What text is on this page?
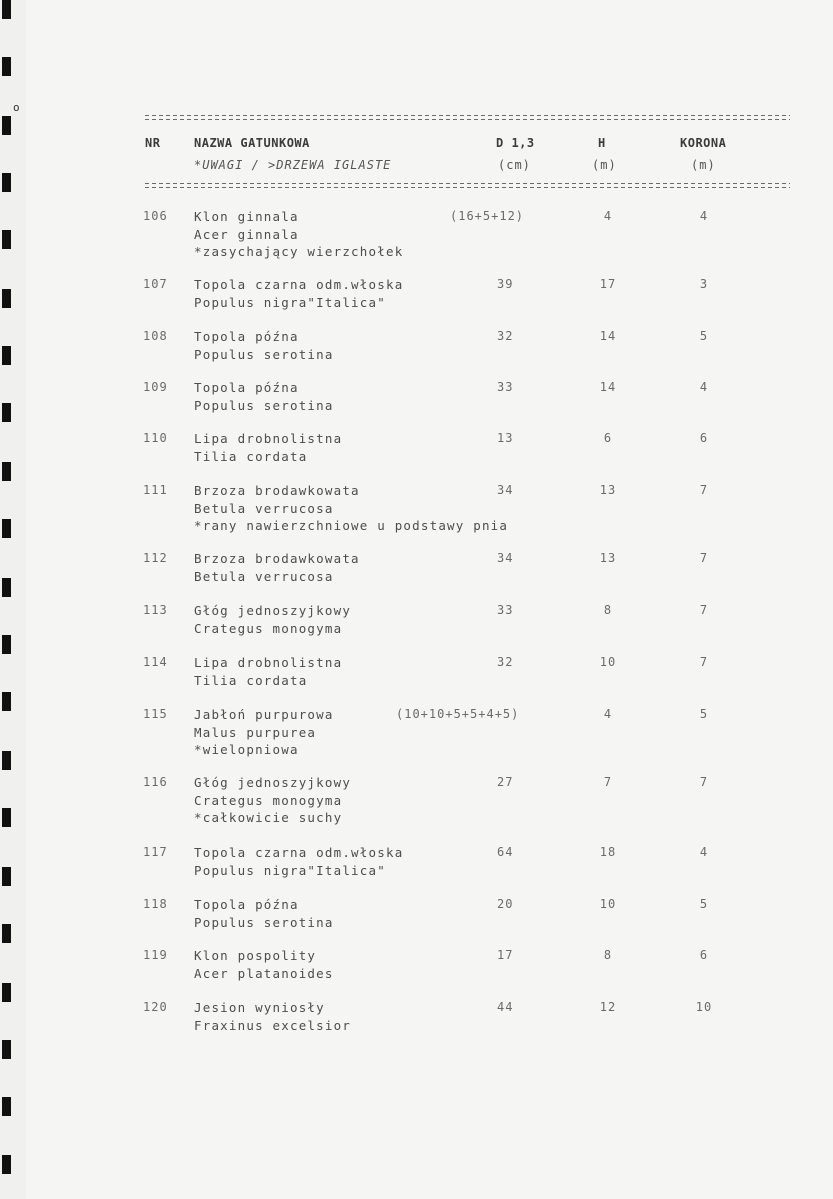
o
NR	NAZWA GATUNKOWA	D 1,3	H	KORONA
*UWAGI / >DRZEWA IGLASTE	(cm)	(m)	(m)
106 Klon ginnala
Acer ginnala
*zasychający wierzchołek
(16+5+12)	4	4
107 Topola czarna odm.włoska
Populus nigra"Italica"
39	17	3
108 Topola późna
Populus serotina
32	14	5
109 Topola późna
Populus serotina
33	14	4
110 Lipa drobnolistna
Tilia cordata
13	6	6
111 Brzoza brodawkowata
Betula verrucosa
*rany nawierzchniowe u podstawy pnia
34	13	7
112 Brzoza brodawkowata
Betula verrucosa
34	13	7
113 Głóg jednoszyjkowy
Crategus monogyma
33	8	7
114 Lipa drobnolistna
Tilia cordata
32	10	7
115 Jabłoń purpurowa
Malus purpurea
*wielopniowa
(10+10+5+5+4+5)	4	5
116 Głóg jednoszyjkowy
Crategus monogyma
*całkowicie suchy
27	7	7
117 Topola czarna odm.włoska
Populus nigra"Italica"
64	18	4
118 Topola późna
Populus serotina
20	10	5
119 Klon pospolity
Acer platanoides
17	8	6
120 Jesion wyniosły
Fraxinus excelsior
44	12	10
